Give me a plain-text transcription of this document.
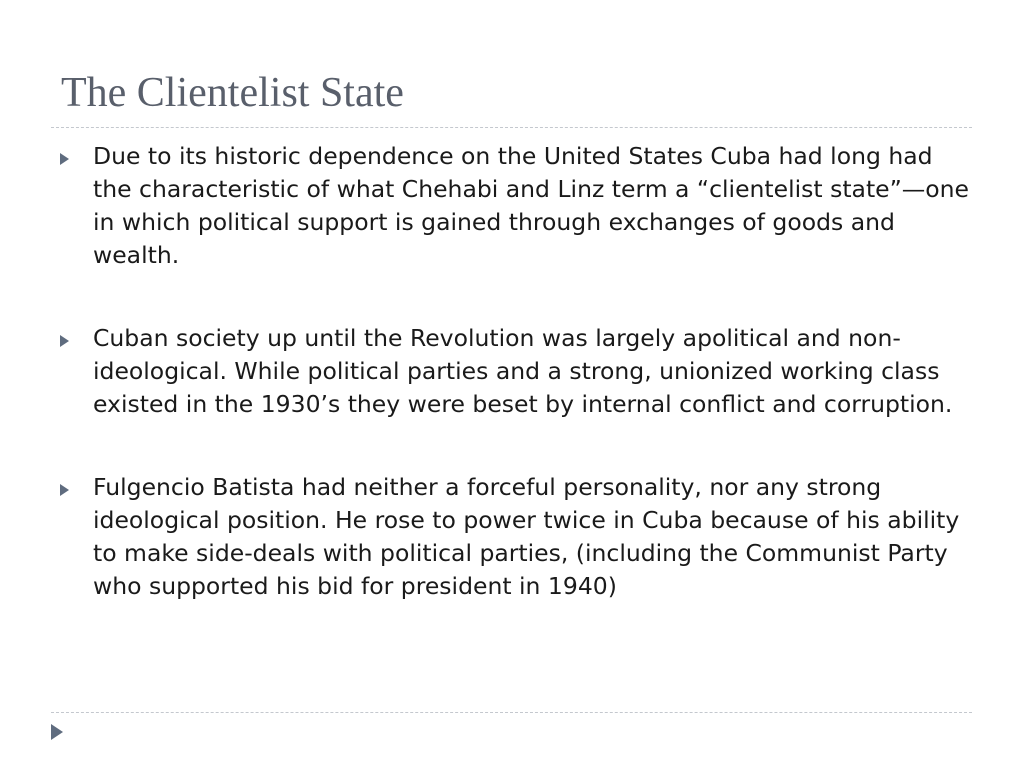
The Clientelist State
Due to its historic dependence on the United States Cuba had long had the characteristic of what Chehabi and Linz term a “clientelist state”—one in which political support is gained through exchanges of goods and wealth.
Cuban society up until the Revolution was largely apolitical and non-ideological. While political parties and a strong, unionized working class existed in the 1930’s they were beset by internal conflict and corruption.
Fulgencio Batista had neither a forceful personality, nor any strong ideological position. He rose to power twice in Cuba because of his ability to make side-deals with political parties, (including the Communist Party who supported his bid for president in 1940)
